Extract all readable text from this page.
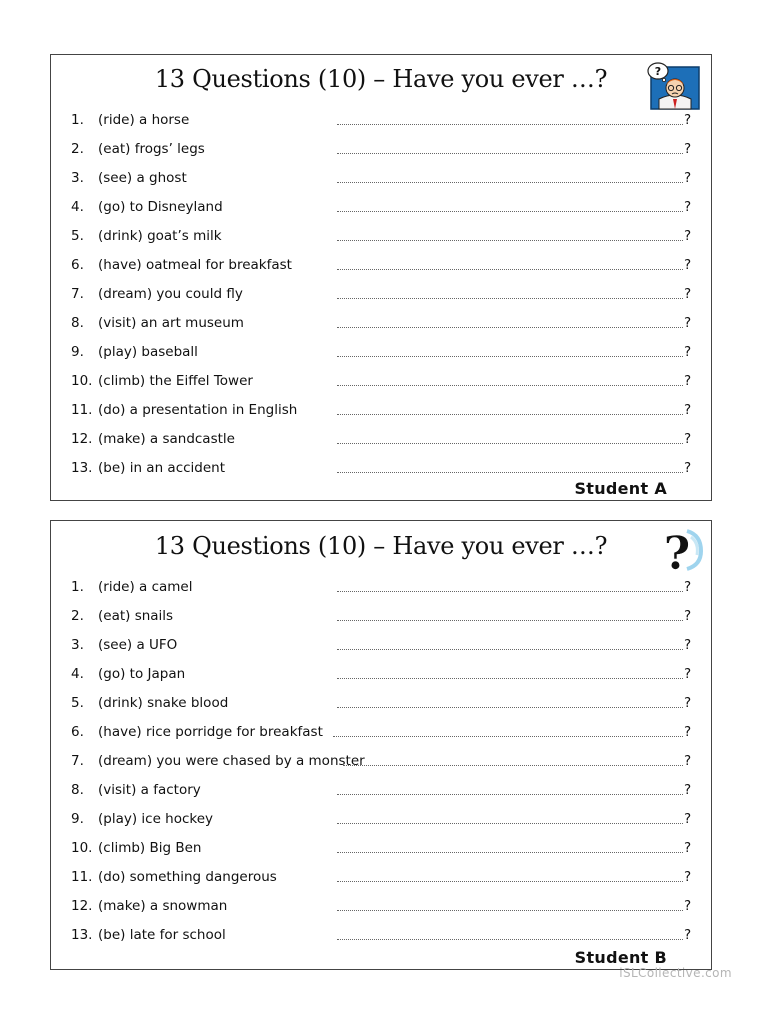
13 Questions (10) – Have you ever …?	?
1. (ride) a horse	?
2. (eat) frogs’ legs	?
3. (see) a ghost	?
4. (go) to Disneyland	?
5. (drink) goat’s milk	?
6. (have) oatmeal for breakfast	?
7. (dream) you could fly	?
8. (visit) an art museum	?
9. (play) baseball	?
10. (climb) the Eiffel Tower	?
11. (do) a presentation in English	?
12. (make) a sandcastle	?
13. (be) in an accident	?
Student A
13 Questions (10) – Have you ever …?	?
1. (ride) a camel	?
2. (eat) snails	?
3. (see) a UFO	?
4. (go) to Japan	?
5. (drink) snake blood	?
6. (have) rice porridge for breakfast	?
7. (dream) you were chased by a monster	?
8. (visit) a factory	?
9. (play) ice hockey	?
10. (climb) Big Ben	?
11. (do) something dangerous	?
12. (make) a snowman	?
13. (be) late for school	?
Student B
iSLCollective.com
